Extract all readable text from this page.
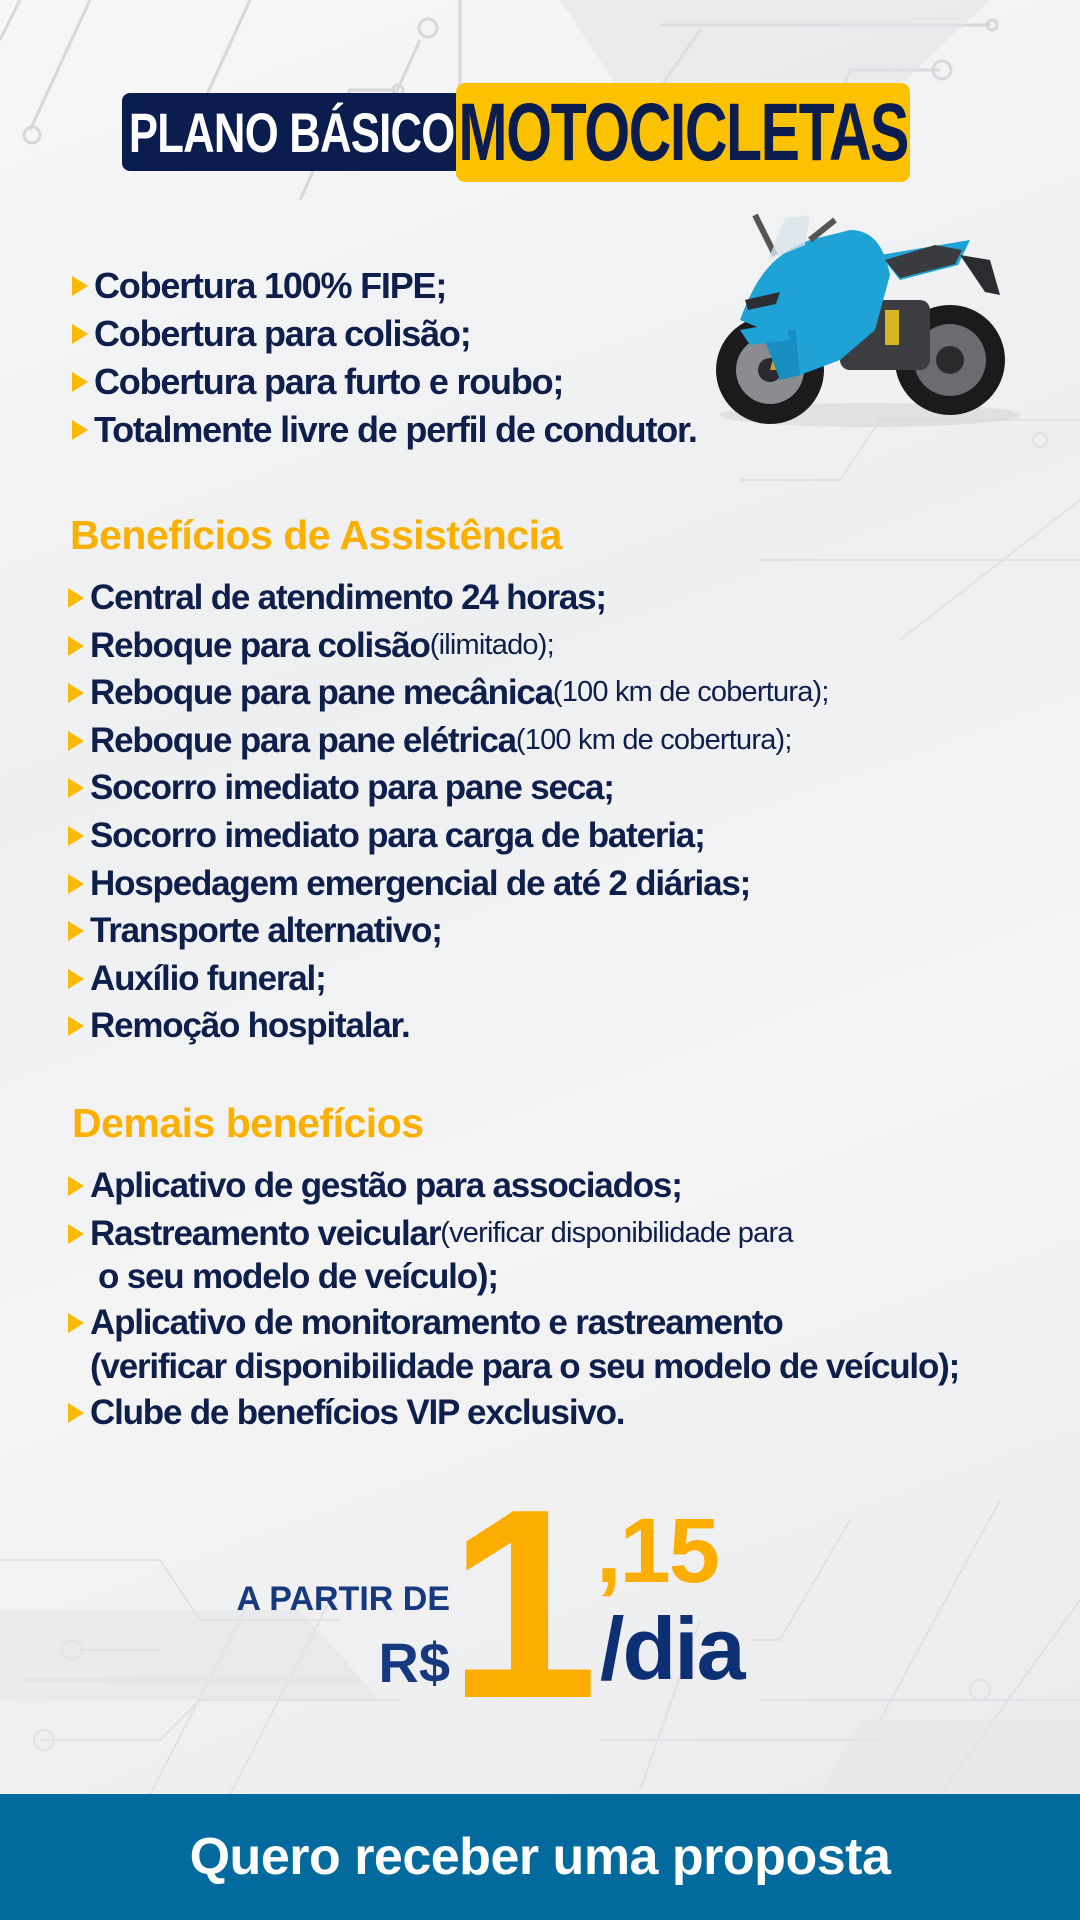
PLANO BÁSICO MOTOCICLETAS
Cobertura 100% FIPE;
Cobertura para colisão;
Cobertura para furto e roubo;
Totalmente livre de perfil de condutor.
Benefícios de Assistência
Central de atendimento 24 horas;
Reboque para colisão (ilimitado);
Reboque para pane mecânica (100 km de cobertura);
Reboque para pane elétrica (100 km de cobertura);
Socorro imediato para pane seca;
Socorro imediato para carga de bateria;
Hospedagem emergencial de até 2 diárias;
Transporte alternativo;
Auxílio funeral;
Remoção hospitalar.
Demais benefícios
Aplicativo de gestão para associados;
Rastreamento veicular (verificar disponibilidade para
o seu modelo de veículo);
Aplicativo de monitoramento e rastreamento
(verificar disponibilidade para o seu modelo de veículo);
Clube de benefícios VIP exclusivo.
A PARTIR DE
R$
1 ,15
/dia
Quero receber uma proposta
